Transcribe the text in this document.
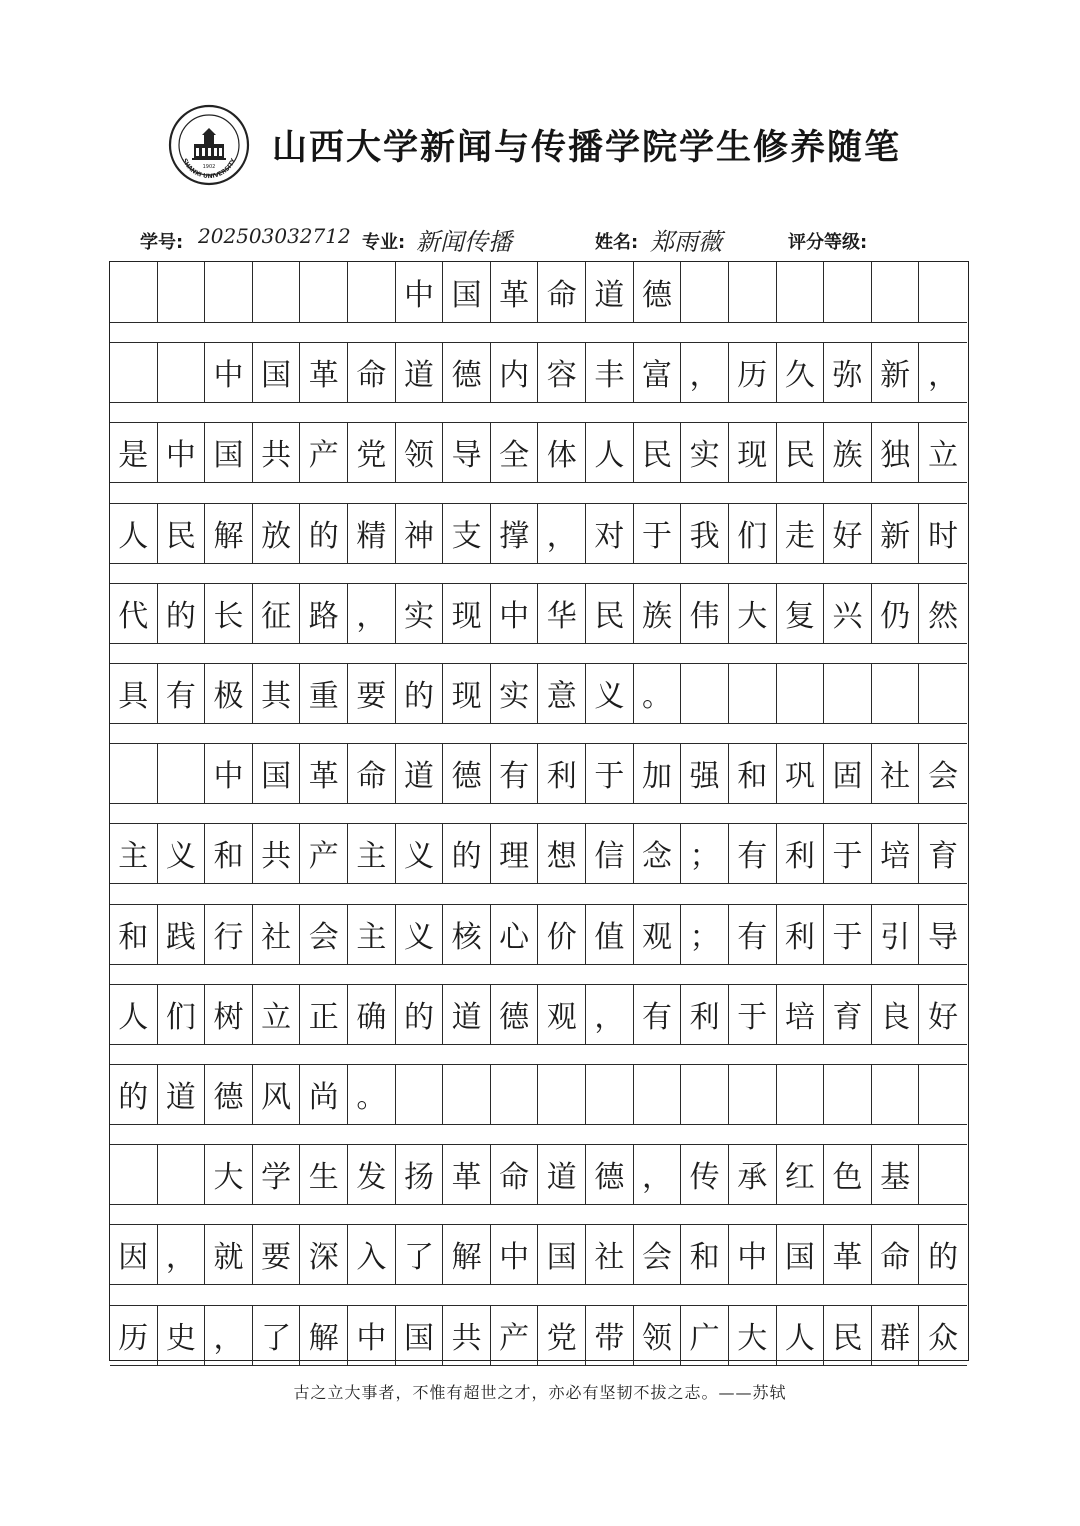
1902
SHANXI UNIVERSITY 山西大学新闻与传播学院学生修养随笔
学号: 202503032712 专业: 新闻传播	姓名: 郑雨薇	评分等级:
中 国 革 命 道 德
中 国 革 命 道 德 内 容 丰 富 ， 历 久 弥 新 ，
是 中 国 共 产 党 领 导 全 体 人 民 实 现 民 族 独 立
人 民 解 放 的 精 神 支 撑 ， 对 于 我 们 走 好 新 时
代 的 长 征 路 ， 实 现 中 华 民 族 伟 大 复 兴 仍 然
具 有 极 其 重 要 的 现 实 意 义 。
中 国 革 命 道 德 有 利 于 加 强 和 巩 固 社 会
主 义 和 共 产 主 义 的 理 想 信 念 ； 有 利 于 培 育
和 践 行 社 会 主 义 核 心 价 值 观 ； 有 利 于 引 导
人 们 树 立 正 确 的 道 德 观 ， 有 利 于 培 育 良 好
的 道 德 风 尚 。
大 学 生 发 扬 革 命 道 德 ， 传 承 红 色 基
因 ， 就 要 深 入 了 解 中 国 社 会 和 中 国 革 命 的
历 史 ， 了 解 中 国 共 产 党 带 领 广 大 人 民 群 众
古之立大事者，不惟有超世之才，亦必有坚韧不拔之志。——苏轼
